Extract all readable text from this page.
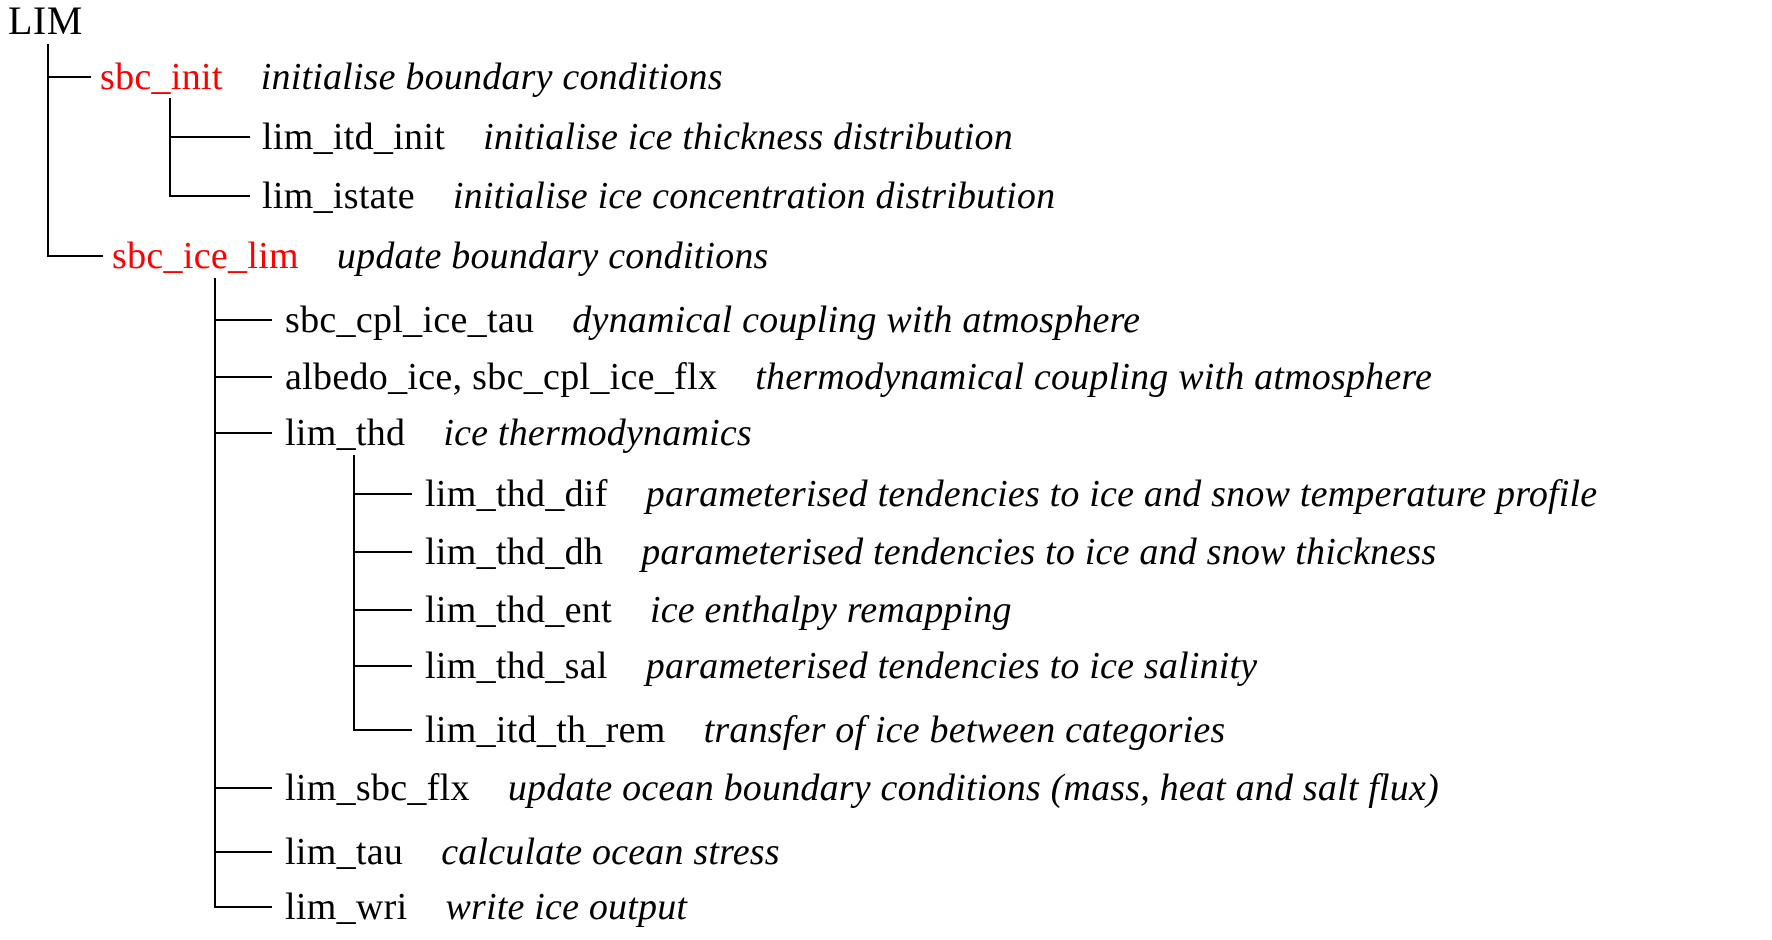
LIM
sbc_init initialise boundary conditions
lim_itd_init initialise ice thickness distribution
lim_istate initialise ice concentration distribution
sbc_ice_lim update boundary conditions
sbc_cpl_ice_tau dynamical coupling with atmosphere
albedo_ice, sbc_cpl_ice_flx thermodynamical coupling with atmosphere
lim_thd ice thermodynamics
lim_thd_dif parameterised tendencies to ice and snow temperature profile
lim_thd_dh parameterised tendencies to ice and snow thickness
lim_thd_ent ice enthalpy remapping
lim_thd_sal parameterised tendencies to ice salinity
lim_itd_th_rem transfer of ice between categories
lim_sbc_flx update ocean boundary conditions (mass, heat and salt flux)
lim_tau calculate ocean stress
lim_wri write ice output
